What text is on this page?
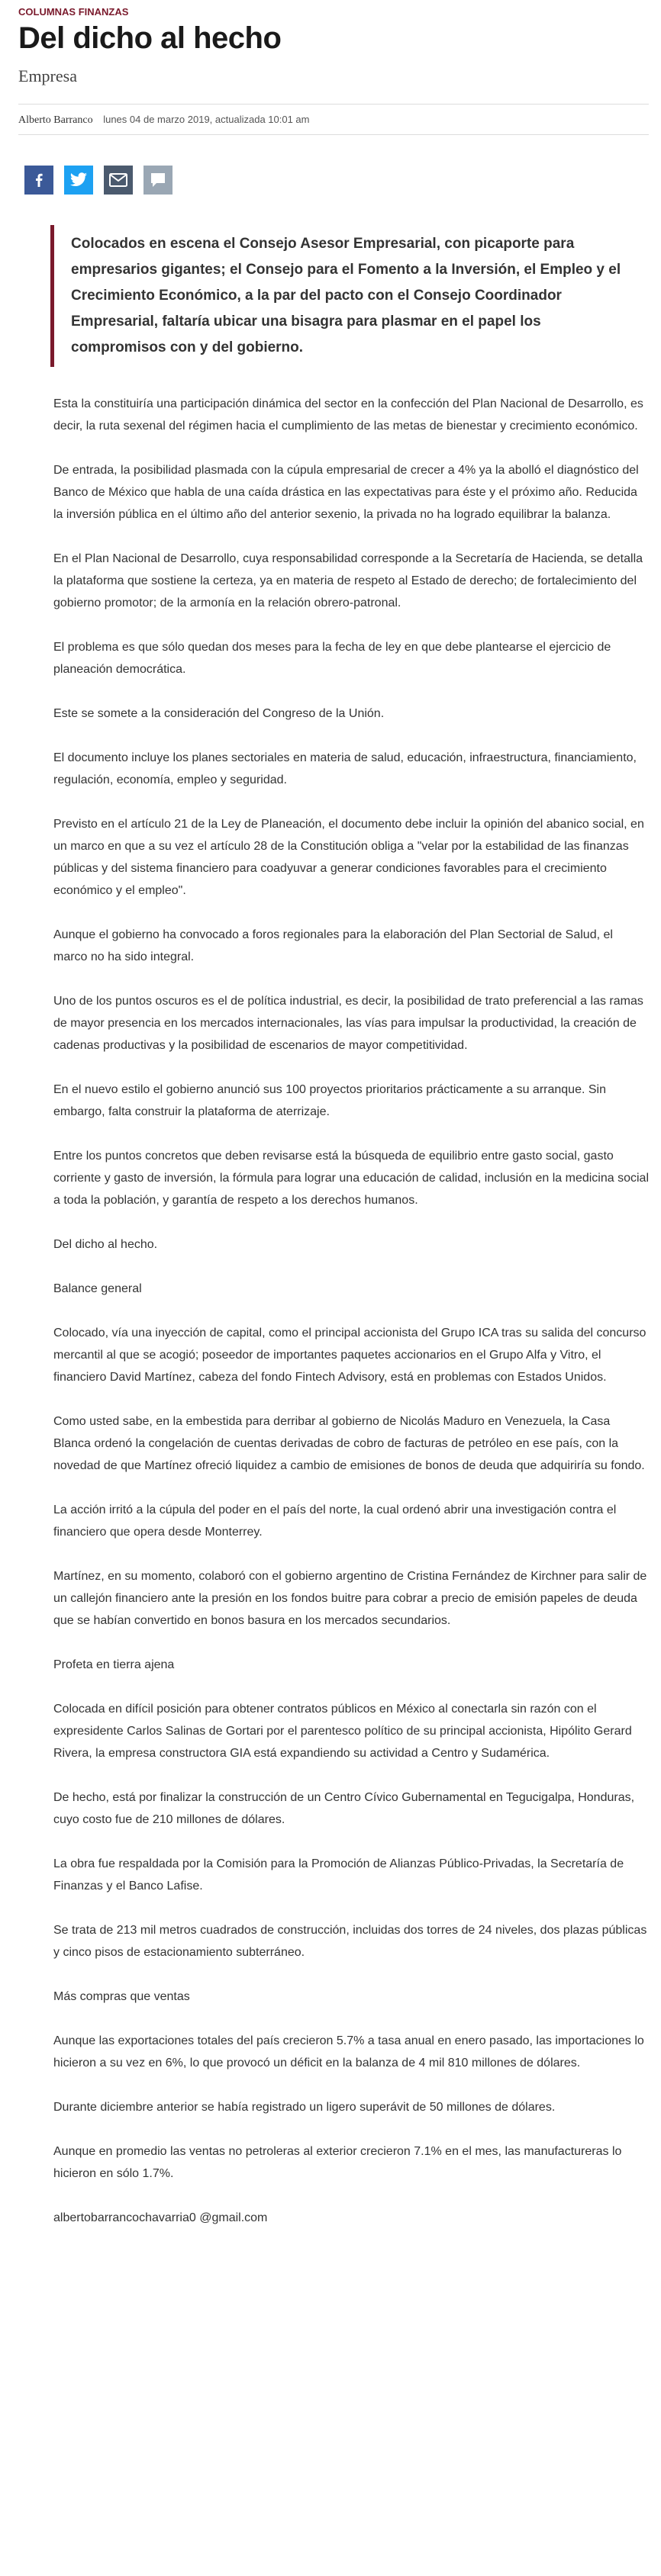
COLUMNAS FINANZAS

Del dicho al hecho

Empresa

Alberto Barranco lunes 04 de marzo 2019, actualizada 10:01 am
Colocados en escena el Consejo Asesor Empresarial, con picaporte para empresarios gigantes; el Consejo para el Fomento a la Inversión, el Empleo y el Crecimiento Económico, a la par del pacto con el Consejo Coordinador Empresarial, faltaría ubicar una bisagra para plasmar en el papel los compromisos con y del gobierno.

Esta la constituiría una participación dinámica del sector en la confección del Plan Nacional de Desarrollo, es decir, la ruta sexenal del régimen hacia el cumplimiento de las metas de bienestar y crecimiento económico.

De entrada, la posibilidad plasmada con la cúpula empresarial de crecer a 4% ya la abolló el diagnóstico del Banco de México que habla de una caída drástica en las expectativas para éste y el próximo año. Reducida la inversión pública en el último año del anterior sexenio, la privada no ha logrado equilibrar la balanza.

En el Plan Nacional de Desarrollo, cuya responsabilidad corresponde a la Secretaría de Hacienda, se detalla la plataforma que sostiene la certeza, ya en materia de respeto al Estado de derecho; de fortalecimiento del gobierno promotor; de la armonía en la relación obrero-patronal.

El problema es que sólo quedan dos meses para la fecha de ley en que debe plantearse el ejercicio de planeación democrática.

Este se somete a la consideración del Congreso de la Unión.

El documento incluye los planes sectoriales en materia de salud, educación, infraestructura, financiamiento, regulación, economía, empleo y seguridad.

Previsto en el artículo 21 de la Ley de Planeación, el documento debe incluir la opinión del abanico social, en un marco en que a su vez el artículo 28 de la Constitución obliga a "velar por la estabilidad de las finanzas públicas y del sistema financiero para coadyuvar a generar condiciones favorables para el crecimiento económico y el empleo".

Aunque el gobierno ha convocado a foros regionales para la elaboración del Plan Sectorial de Salud, el marco no ha sido integral.

Uno de los puntos oscuros es el de política industrial, es decir, la posibilidad de trato preferencial a las ramas de mayor presencia en los mercados internacionales, las vías para impulsar la productividad, la creación de cadenas productivas y la posibilidad de escenarios de mayor competitividad.

En el nuevo estilo el gobierno anunció sus 100 proyectos prioritarios prácticamente a su arranque. Sin embargo, falta construir la plataforma de aterrizaje.

Entre los puntos concretos que deben revisarse está la búsqueda de equilibrio entre gasto social, gasto corriente y gasto de inversión, la fórmula para lograr una educación de calidad, inclusión en la medicina social a toda la población, y garantía de respeto a los derechos humanos.

Del dicho al hecho.

Balance general

Colocado, vía una inyección de capital, como el principal accionista del Grupo ICA tras su salida del concurso mercantil al que se acogió; poseedor de importantes paquetes accionarios en el Grupo Alfa y Vitro, el financiero David Martínez, cabeza del fondo Fintech Advisory, está en problemas con Estados Unidos.

Como usted sabe, en la embestida para derribar al gobierno de Nicolás Maduro en Venezuela, la Casa Blanca ordenó la congelación de cuentas derivadas de cobro de facturas de petróleo en ese país, con la novedad de que Martínez ofreció liquidez a cambio de emisiones de bonos de deuda que adquiriría su fondo.

La acción irritó a la cúpula del poder en el país del norte, la cual ordenó abrir una investigación contra el financiero que opera desde Monterrey.

Martínez, en su momento, colaboró con el gobierno argentino de Cristina Fernández de Kirchner para salir de un callejón financiero ante la presión en los fondos buitre para cobrar a precio de emisión papeles de deuda que se habían convertido en bonos basura en los mercados secundarios.

Profeta en tierra ajena

Colocada en difícil posición para obtener contratos públicos en México al conectarla sin razón con el expresidente Carlos Salinas de Gortari por el parentesco político de su principal accionista, Hipólito Gerard Rivera, la empresa constructora GIA está expandiendo su actividad a Centro y Sudamérica.

De hecho, está por finalizar la construcción de un Centro Cívico Gubernamental en Tegucigalpa, Honduras, cuyo costo fue de 210 millones de dólares.

La obra fue respaldada por la Comisión para la Promoción de Alianzas Público-Privadas, la Secretaría de Finanzas y el Banco Lafise.

Se trata de 213 mil metros cuadrados de construcción, incluidas dos torres de 24 niveles, dos plazas públicas y cinco pisos de estacionamiento subterráneo.

Más compras que ventas

Aunque las exportaciones totales del país crecieron 5.7% a tasa anual en enero pasado, las importaciones lo hicieron a su vez en 6%, lo que provocó un déficit en la balanza de 4 mil 810 millones de dólares.

Durante diciembre anterior se había registrado un ligero superávit de 50 millones de dólares.

Aunque en promedio las ventas no petroleras al exterior crecieron 7.1% en el mes, las manufactureras lo hicieron en sólo 1.7%.

albertobarrancochavarria0 @gmail.com
